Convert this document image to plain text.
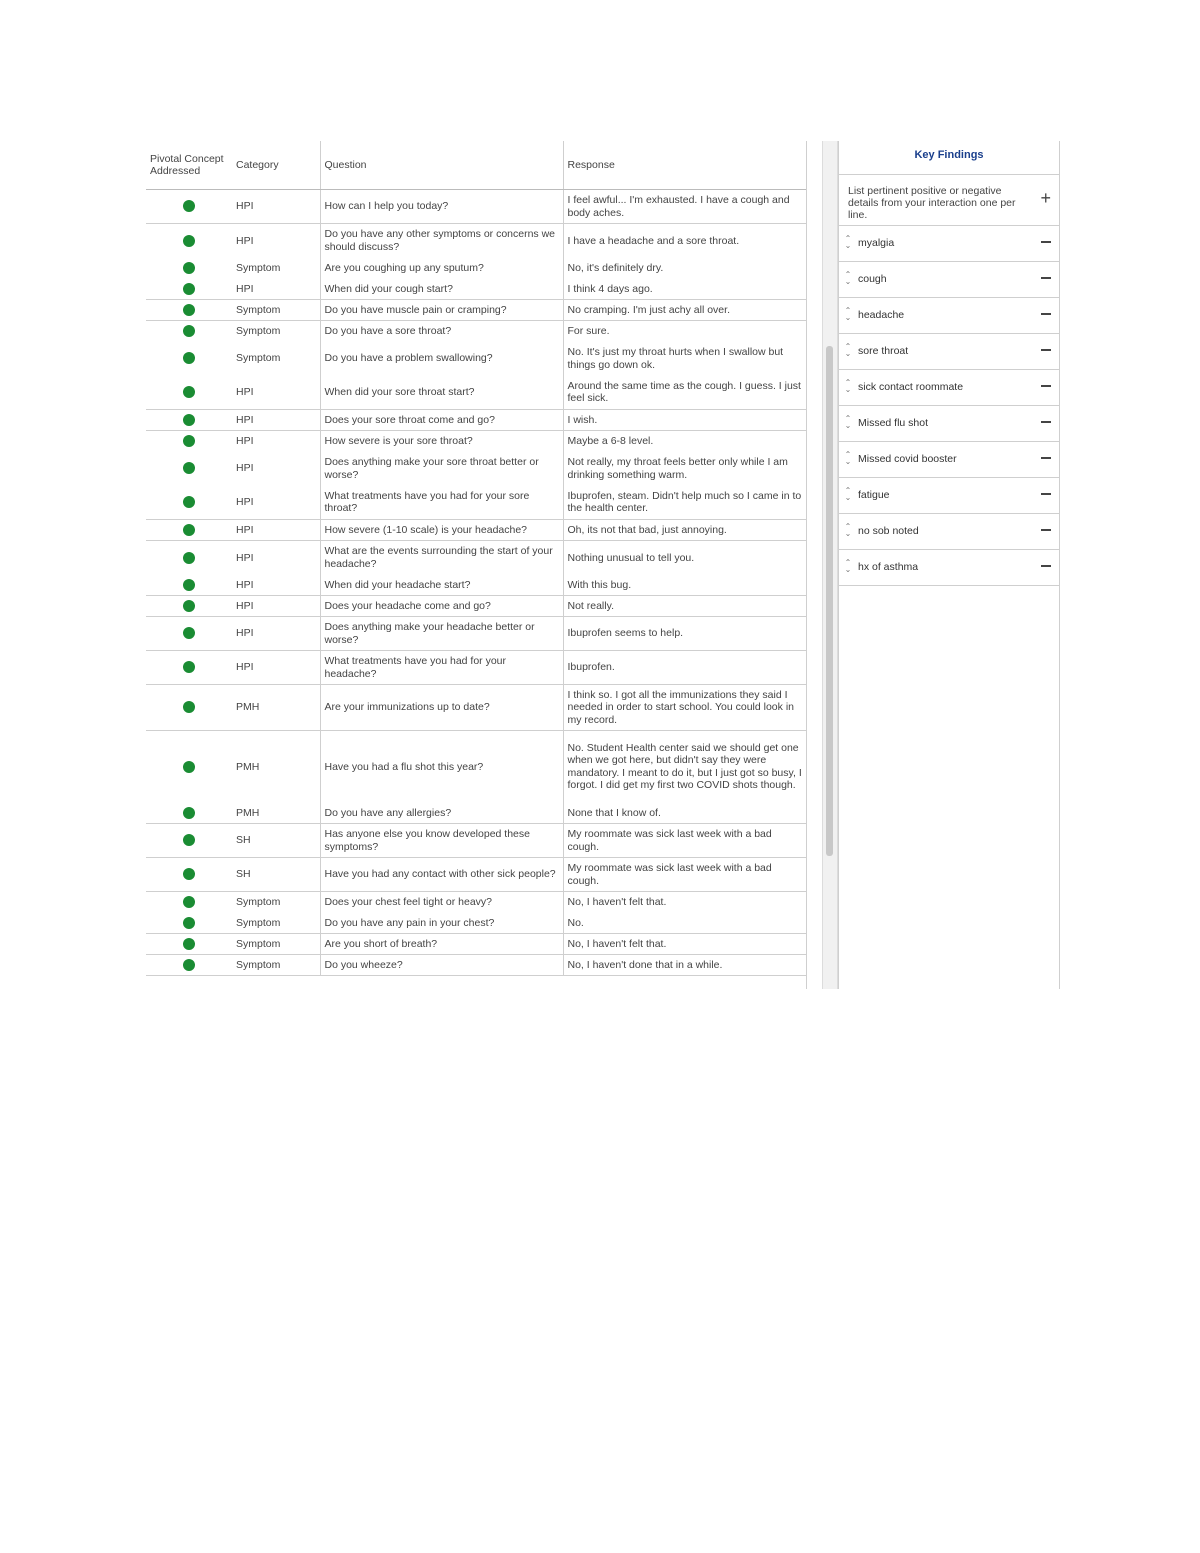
Pivotal Concept Addressed	Category	Question	Response
	HPI	How can I help you today?	I feel awful... I'm exhausted. I have a cough and body aches.
	HPI	Do you have any other symptoms or concerns we should discuss?	I have a headache and a sore throat.
	Symptom	Are you coughing up any sputum?	No, it's definitely dry.
	HPI	When did your cough start?	I think 4 days ago.
	Symptom	Do you have muscle pain or cramping?	No cramping. I'm just achy all over.
	Symptom	Do you have a sore throat?	For sure.
	Symptom	Do you have a problem swallowing?	No. It's just my throat hurts when I swallow but things go down ok.
	HPI	When did your sore throat start?	Around the same time as the cough. I guess. I just feel sick.
	HPI	Does your sore throat come and go?	I wish.
	HPI	How severe is your sore throat?	Maybe a 6-8 level.
	HPI	Does anything make your sore throat better or worse?	Not really, my throat feels better only while I am drinking something warm.
	HPI	What treatments have you had for your sore throat?	Ibuprofen, steam. Didn't help much so I came in to the health center.
	HPI	How severe (1-10 scale) is your headache?	Oh, its not that bad, just annoying.
	HPI	What are the events surrounding the start of your headache?	Nothing unusual to tell you.
	HPI	When did your headache start?	With this bug.
	HPI	Does your headache come and go?	Not really.
	HPI	Does anything make your headache better or worse?	Ibuprofen seems to help.
	HPI	What treatments have you had for your headache?	Ibuprofen.
	PMH	Are your immunizations up to date?	I think so. I got all the immunizations they said I needed in order to start school. You could look in my record.
	PMH	Have you had a flu shot this year?	No. Student Health center said we should get one when we got here, but didn't say they were mandatory. I meant to do it, but I just got so busy, I forgot. I did get my first two COVID shots though.
	PMH	Do you have any allergies?	None that I know of.
	SH	Has anyone else you know developed these symptoms?	My roommate was sick last week with a bad cough.
	SH	Have you had any contact with other sick people?	My roommate was sick last week with a bad cough.
	Symptom	Does your chest feel tight or heavy?	No, I haven't felt that.
	Symptom	Do you have any pain in your chest?	No.
	Symptom	Are you short of breath?	No, I haven't felt that.
	Symptom	Do you wheeze?	No, I haven't done that in a while.
Key Findings
List pertinent positive or negative details from your interaction one per line.
+
⌃
⌄ myalgia
⌃
⌄ cough
⌃
⌄ headache
⌃
⌄ sore throat
⌃
⌄ sick contact roommate
⌃
⌄ Missed flu shot
⌃
⌄ Missed covid booster
⌃
⌄ fatigue
⌃
⌄ no sob noted
⌃
⌄ hx of asthma
